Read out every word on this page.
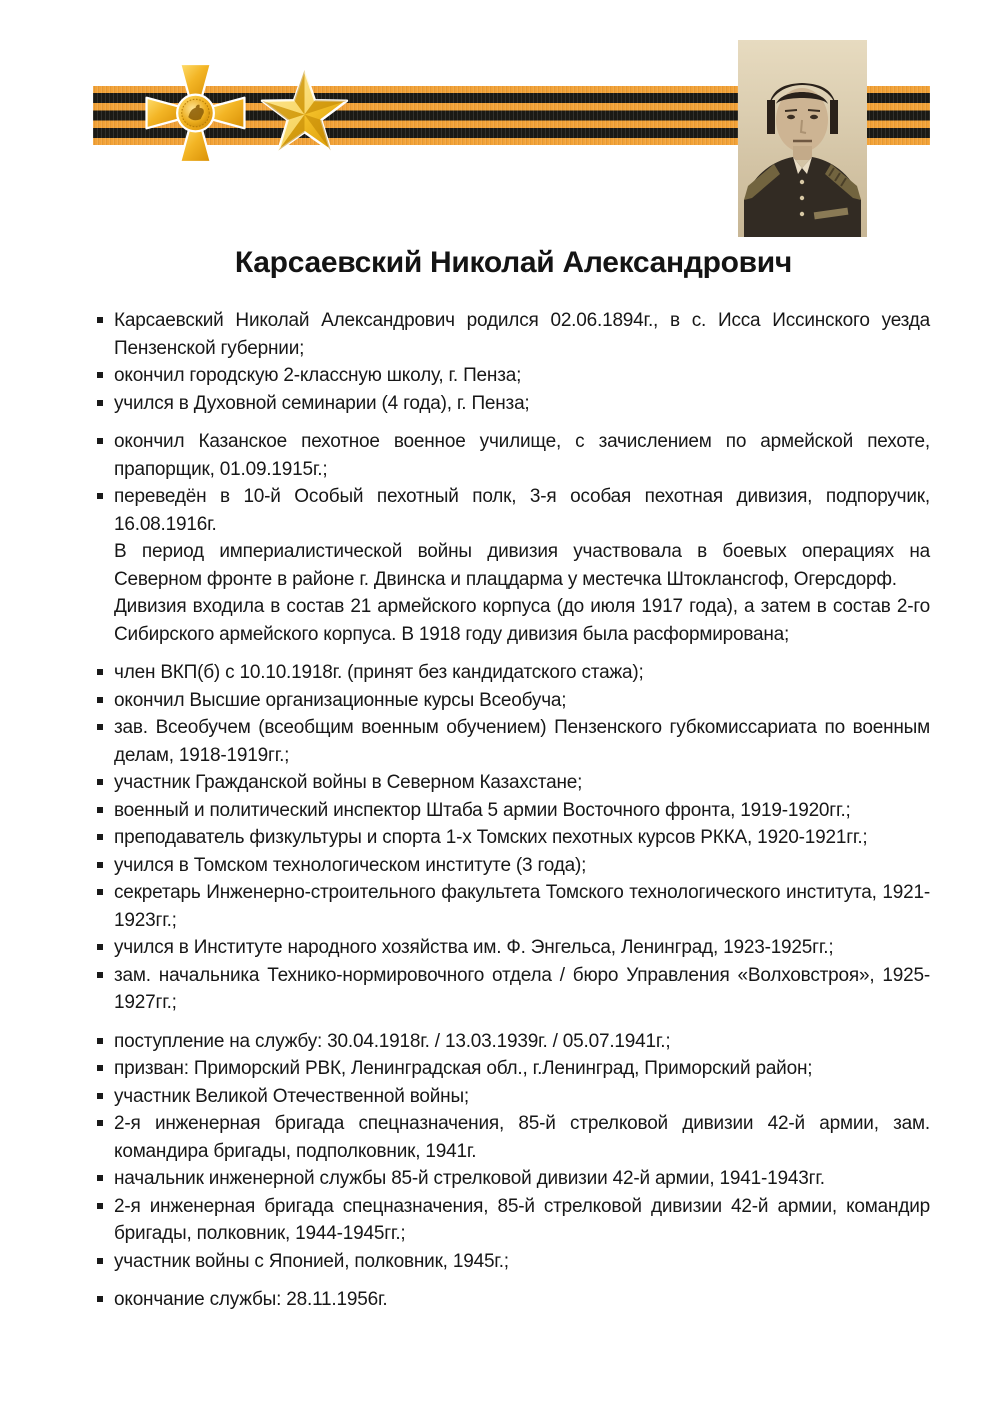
Карсаевский Николай Александрович
Карсаевский Николай Александрович родился 02.06.1894г., в с. Исса Иссинского уезда Пензенской губернии;
окончил городскую 2-классную школу, г. Пенза;
учился в Духовной семинарии (4 года), г. Пенза;
окончил Казанское пехотное военное училище, с зачислением по армейской пехоте, прапорщик, 01.09.1915г.;
переведён в 10-й Особый пехотный полк, 3-я особая пехотная дивизия, подпоручик, 16.08.1916г.
В период империалистической войны дивизия участвовала в боевых операциях на Северном фронте в районе г. Двинска и плацдарма у местечка Штоклансгоф, Огерсдорф.
Дивизия входила в состав 21 армейского корпуса (до июля 1917 года), а затем в состав 2-го Сибирского армейского корпуса. В 1918 году дивизия была расформирована;
член ВКП(б) с 10.10.1918г. (принят без кандидатского стажа);
окончил Высшие организационные курсы Всеобуча;
зав. Всеобучем (всеобщим военным обучением) Пензенского губкомиссариата по военным делам, 1918-1919гг.;
участник Гражданской войны в Северном Казахстане;
военный и политический инспектор Штаба 5 армии Восточного фронта, 1919-1920гг.;
преподаватель физкультуры и спорта 1-х Томских пехотных курсов РККА, 1920-1921гг.;
учился в Томском технологическом институте (3 года);
секретарь Инженерно-строительного факультета Томского технологического института, 1921-1923гг.;
учился в Институте народного хозяйства им. Ф. Энгельса, Ленинград, 1923-1925гг.;
зам. начальника Технико-нормировочного отдела / бюро Управления «Волховстроя», 1925-1927гг.;
поступление на службу: 30.04.1918г. / 13.03.1939г. / 05.07.1941г.;
призван: Приморский РВК, Ленинградская обл., г.Ленинград, Приморский район;
участник Великой Отечественной войны;
2-я инженерная бригада спецназначения, 85-й стрелковой дивизии 42-й армии, зам. командира бригады, подполковник, 1941г.
начальник инженерной службы 85-й стрелковой дивизии 42-й армии, 1941-1943гг.
2-я инженерная бригада спецназначения, 85-й стрелковой дивизии 42-й армии, командир бригады, полковник, 1944-1945гг.;
участник войны с Японией, полковник, 1945г.;
окончание службы: 28.11.1956г.
